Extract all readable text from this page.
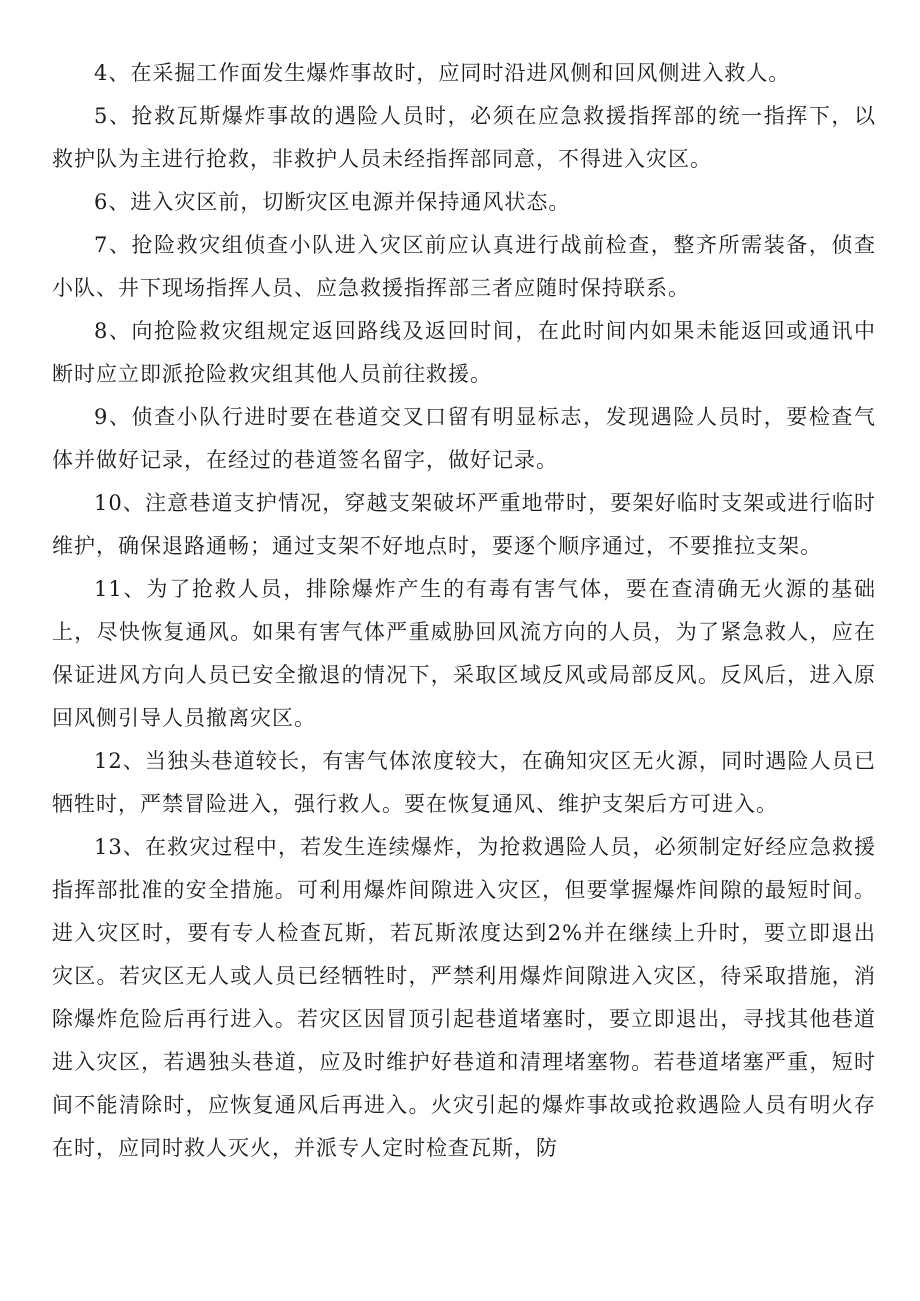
4、在采掘工作面发生爆炸事故时，应同时沿进风侧和回风侧进入救人。

5、抢救瓦斯爆炸事故的遇险人员时，必须在应急救援指挥部的统一指挥下，以救护队为主进行抢救，非救护人员未经指挥部同意，不得进入灾区。

6、进入灾区前，切断灾区电源并保持通风状态。

7、抢险救灾组侦查小队进入灾区前应认真进行战前检查，整齐所需装备，侦查小队、井下现场指挥人员、应急救援指挥部三者应随时保持联系。

8、向抢险救灾组规定返回路线及返回时间，在此时间内如果未能返回或通讯中断时应立即派抢险救灾组其他人员前往救援。

9、侦查小队行进时要在巷道交叉口留有明显标志，发现遇险人员时，要检查气体并做好记录，在经过的巷道签名留字，做好记录。

10、注意巷道支护情况，穿越支架破坏严重地带时，要架好临时支架或进行临时维护，确保退路通畅；通过支架不好地点时，要逐个顺序通过，不要推拉支架。

11、为了抢救人员，排除爆炸产生的有毒有害气体，要在查清确无火源的基础上，尽快恢复通风。如果有害气体严重威胁回风流方向的人员，为了紧急救人，应在保证进风方向人员已安全撤退的情况下，采取区域反风或局部反风。反风后，进入原回风侧引导人员撤离灾区。

12、当独头巷道较长，有害气体浓度较大，在确知灾区无火源，同时遇险人员已牺牲时，严禁冒险进入，强行救人。要在恢复通风、维护支架后方可进入。

13、在救灾过程中，若发生连续爆炸，为抢救遇险人员，必须制定好经应急救援指挥部批准的安全措施。可利用爆炸间隙进入灾区，但要掌握爆炸间隙的最短时间。进入灾区时，要有专人检查瓦斯，若瓦斯浓度达到2%并在继续上升时，要立即退出灾区。若灾区无人或人员已经牺牲时，严禁利用爆炸间隙进入灾区，待采取措施，消除爆炸危险后再行进入。若灾区因冒顶引起巷道堵塞时，要立即退出，寻找其他巷道进入灾区，若遇独头巷道，应及时维护好巷道和清理堵塞物。若巷道堵塞严重，短时间不能清除时，应恢复通风后再进入。火灾引起的爆炸事故或抢救遇险人员有明火存在时，应同时救人灭火，并派专人定时检查瓦斯，防
